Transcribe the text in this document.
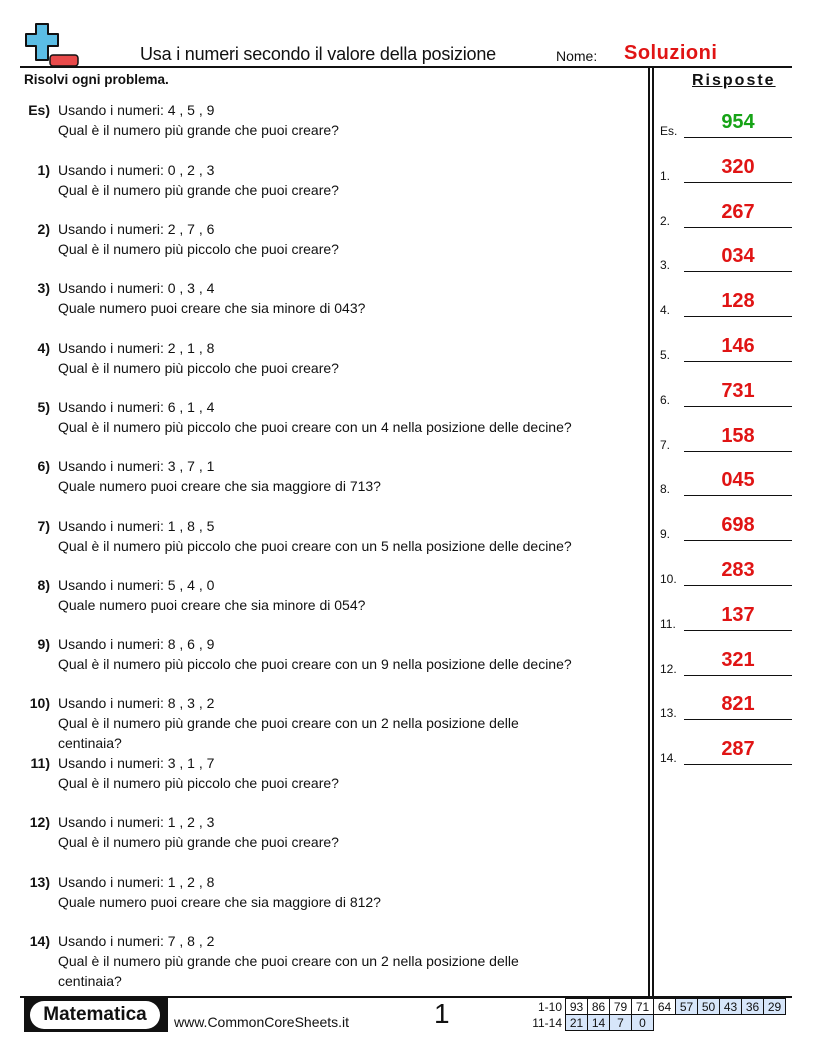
Usa i numeri secondo il valore della posizione	Nome: Soluzioni
Risolvi ogni problema.	Risposte
Es) Usando i numeri: 4 , 5 , 9
Qual è il numero più grande che puoi creare?
1) Usando i numeri: 0 , 2 , 3
Qual è il numero più grande che puoi creare?
2) Usando i numeri: 2 , 7 , 6
Qual è il numero più piccolo che puoi creare?
3) Usando i numeri: 0 , 3 , 4
Quale numero puoi creare che sia minore di 043?
4) Usando i numeri: 2 , 1 , 8
Qual è il numero più piccolo che puoi creare?
5) Usando i numeri: 6 , 1 , 4
Qual è il numero più piccolo che puoi creare con un 4 nella posizione delle decine?
6) Usando i numeri: 3 , 7 , 1
Quale numero puoi creare che sia maggiore di 713?
7) Usando i numeri: 1 , 8 , 5
Qual è il numero più piccolo che puoi creare con un 5 nella posizione delle decine?
8) Usando i numeri: 5 , 4 , 0
Quale numero puoi creare che sia minore di 054?
9) Usando i numeri: 8 , 6 , 9
Qual è il numero più piccolo che puoi creare con un 9 nella posizione delle decine?
10) Usando i numeri: 8 , 3 , 2
Qual è il numero più grande che puoi creare con un 2 nella posizione delle
centinaia?
11) Usando i numeri: 3 , 1 , 7
Qual è il numero più piccolo che puoi creare?
12) Usando i numeri: 1 , 2 , 3
Qual è il numero più grande che puoi creare?
13) Usando i numeri: 1 , 2 , 8
Quale numero puoi creare che sia maggiore di 812?
14) Usando i numeri: 7 , 8 , 2
Qual è il numero più grande che puoi creare con un 2 nella posizione delle
centinaia?
Es.	954
1.	320
2.	267
3.	034
4.	128
5.	146
6.	731
7.	158
8.	045
9.	698
10.	283
11.	137
12.	321
13.	821
14.	287
Matematica	www.CommonCoreSheets.it	1	1-10	93	86	79	71	64	57	50	43	36	29
11-14	21	14	7	0						
